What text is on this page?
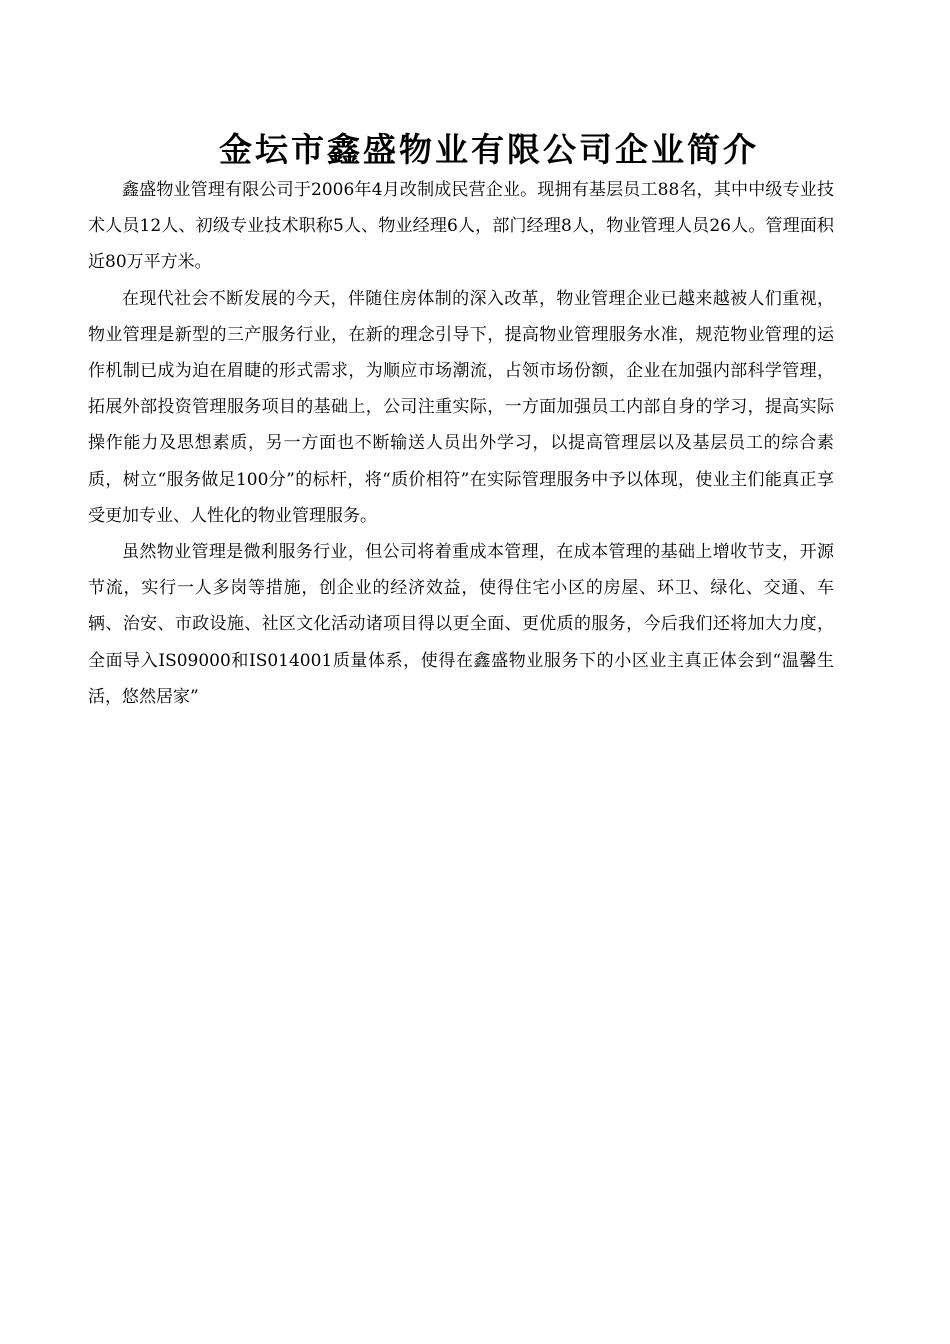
金坛市鑫盛物业有限公司企业简介

鑫盛物业管理有限公司于2006年4月改制成民营企业。现拥有基层员工88名，其中中级专业技术人员12人、初级专业技术职称5人、物业经理6人，部门经理8人，物业管理人员26人。管理面积近80万平方米。

在现代社会不断发展的今天，伴随住房体制的深入改革，物业管理企业已越来越被人们重视，物业管理是新型的三产服务行业，在新的理念引导下，提高物业管理服务水准，规范物业管理的运作机制已成为迫在眉睫的形式需求，为顺应市场潮流，占领市场份额，企业在加强内部科学管理，拓展外部投资管理服务项目的基础上，公司注重实际，一方面加强员工内部自身的学习，提高实际操作能力及思想素质，另一方面也不断输送人员出外学习，以提高管理层以及基层员工的综合素质，树立“服务做足100分”的标杆，将“质价相符”在实际管理服务中予以体现，使业主们能真正享受更加专业、人性化的物业管理服务。

虽然物业管理是微利服务行业，但公司将着重成本管理，在成本管理的基础上增收节支，开源节流，实行一人多岗等措施，创企业的经济效益，使得住宅小区的房屋、环卫、绿化、交通、车辆、治安、市政设施、社区文化活动诸项目得以更全面、更优质的服务，今后我们还将加大力度，全面导入IS09000和IS014001质量体系，使得在鑫盛物业服务下的小区业主真正体会到“温馨生活，悠然居家”
